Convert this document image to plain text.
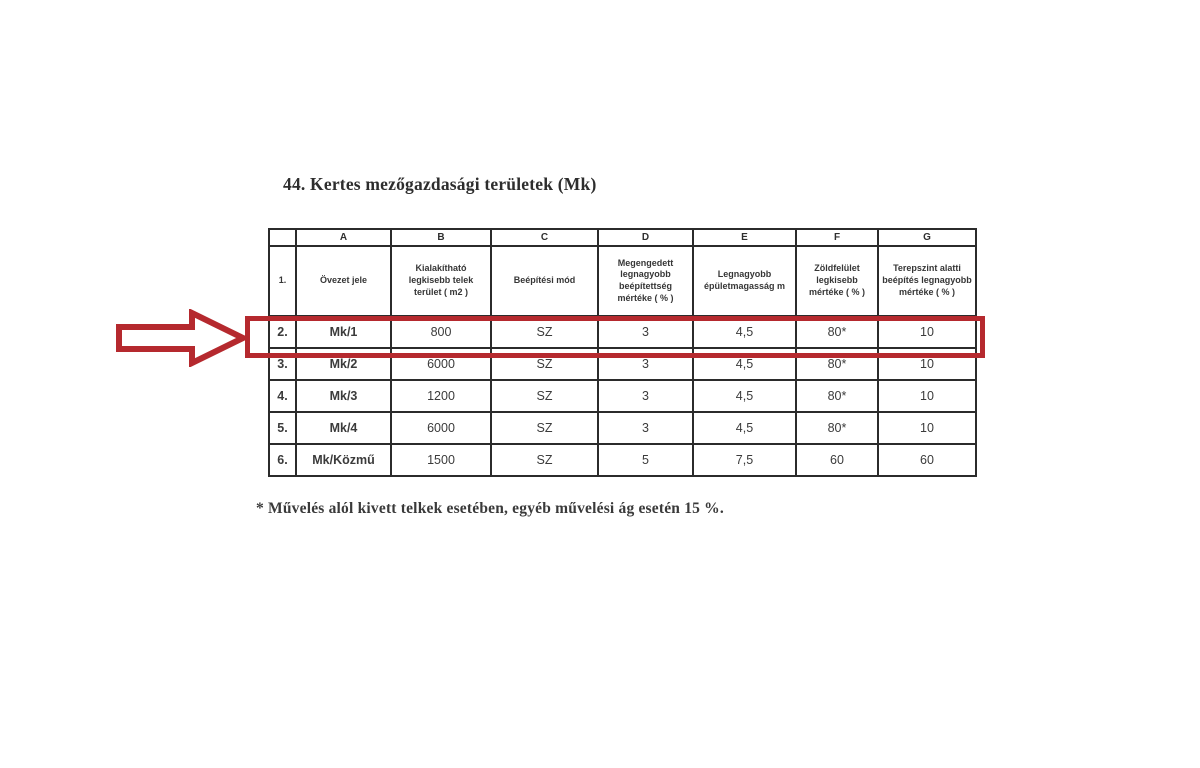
44. Kertes mezőgazdasági területek (Mk)
	A	B	C	D	E	F	G
1.	Övezet jele	Kialakítható legkisebb telek terület ( m2 )	Beépítési mód	Megengedett legnagyobb beépítettség mértéke ( % )	Legnagyobb épületmagasság m	Zöldfelület legkisebb mértéke ( % )	Terepszint alatti beépítés legnagyobb mértéke ( % )
2.	Mk/1	800	SZ	3	4,5	80*	10
3.	Mk/2	6000	SZ	3	4,5	80*	10
4.	Mk/3	1200	SZ	3	4,5	80*	10
5.	Mk/4	6000	SZ	3	4,5	80*	10
6.	Mk/Közmű	1500	SZ	5	7,5	60	60
* Művelés alól kivett telkek esetében, egyéb művelési ág esetén 15 %.
